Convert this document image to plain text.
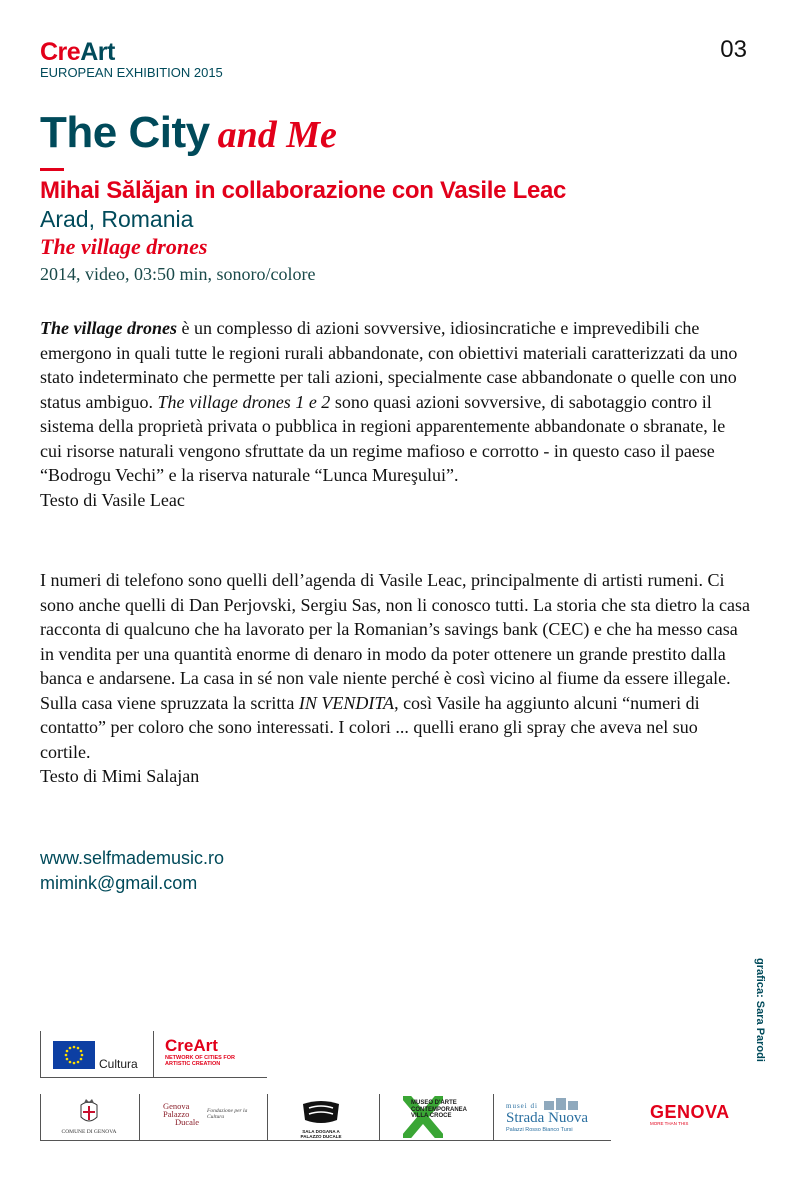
CreArt
EUROPEAN EXHIBITION 2015
03
The City and Me
Mihai Sălăjan in collaborazione con Vasile Leac
Arad, Romania
The village drones
2014, video, 03:50 min, sonoro/colore

The village drones è un complesso di azioni sovversive, idiosincratiche e imprevedibili che emergono in quali tutte le regioni rurali abbandonate, con obiettivi materiali caratterizzati da uno stato indeterminato che permette per tali azioni, specialmente case abbandonate o quelle con uno status ambiguo. The village drones 1 e 2 sono quasi azioni sovversive, di sabotaggio contro il sistema della proprietà privata o pubblica in regioni apparentemente abbandonate o sbranate, le cui risorse naturali vengono sfruttate da un regime mafioso e corrotto - in questo caso il paese “Bodrogu Vechi” e la riserva naturale “Lunca Mureşului”.
Testo di Vasile Leac

I numeri di telefono sono quelli dell’agenda di Vasile Leac, principalmente di artisti rumeni. Ci sono anche quelli di Dan Perjovski, Sergiu Sas, non li conosco tutti. La storia che sta dietro la casa racconta di qualcuno che ha lavorato per la Romanian’s savings bank (CEC) e che ha messo casa in vendita per una quantità enorme di denaro in modo da poter ottenere un grande prestito dalla banca e andarsene. La casa in sé non vale niente perché è così vicino al fiume da essere illegale. Sulla casa viene spruzzata la scritta IN VENDITA, così Vasile ha aggiunto alcuni “numeri di contatto” per coloro che sono interessati. I colori ... quelli erano gli spray che aveva nel suo cortile.
Testo di Mimi Salajan

www.selfmademusic.ro
mimink@gmail.com
grafica: Sara Parodi
Cultura
CreArt
NETWORK OF CITIES FOR ARTISTIC CREATION
COMUNE DI GENOVA
Genova
Palazzo
Ducale
Fondazione per la Cultura
SALA DOGANA A PALAZZO DUCALE
MUSEO D'ARTE CONTEMPORANEA VILLA CROCE
musei di
Strada Nuova
Palazzi Rosso Bianco Tursi
GENOVA
MORE THAN THIS
